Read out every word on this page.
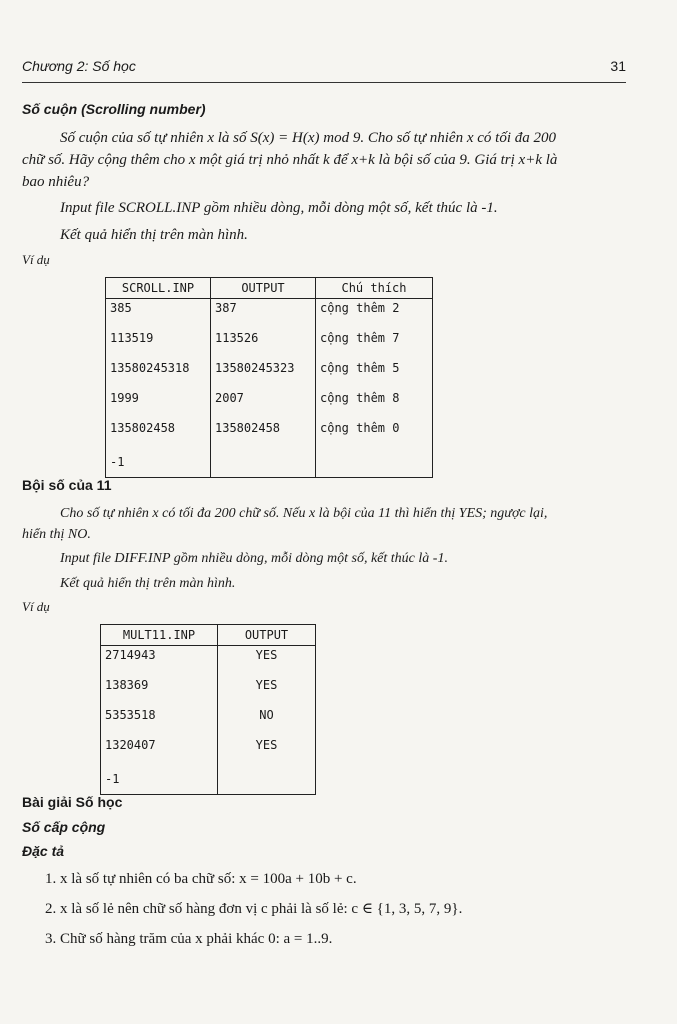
Chương 2: Số học	31
Số cuộn (Scrolling number)
Số cuộn của số tự nhiên x là số S(x) = H(x) mod 9. Cho số tự nhiên x có tối đa 200
chữ số. Hãy cộng thêm cho x một giá trị nhỏ nhất k để x+k là bội số của 9. Giá trị x+k là
bao nhiêu?
Input file SCROLL.INP gồm nhiều dòng, mỗi dòng một số, kết thúc là -1.
Kết quả hiển thị trên màn hình.
Ví dụ
SCROLL.INP	OUTPUT	Chú thích
385	387	cộng thêm 2
113519	113526	cộng thêm 7
13580245318	13580245323	cộng thêm 5
1999	2007	cộng thêm 8
135802458	135802458	cộng thêm 0
-1		
Bội số của 11
Cho số tự nhiên x có tối đa 200 chữ số. Nếu x là bội của 11 thì hiển thị YES; ngược lại,
hiển thị NO.
Input file DIFF.INP gồm nhiều dòng, mỗi dòng một số, kết thúc là -1.
Kết quả hiển thị trên màn hình.
Ví dụ
MULT11.INP	OUTPUT
2714943	YES
138369	YES
5353518	NO
1320407	YES
-1	
Bài giải Số học
Số cấp cộng
Đặc tả
1. x là số tự nhiên có ba chữ số: x = 100a + 10b + c.
2. x là số lẻ nên chữ số hàng đơn vị c phải là số lẻ: c ∈ {1, 3, 5, 7, 9}.
3. Chữ số hàng trăm của x phải khác 0: a = 1..9.
